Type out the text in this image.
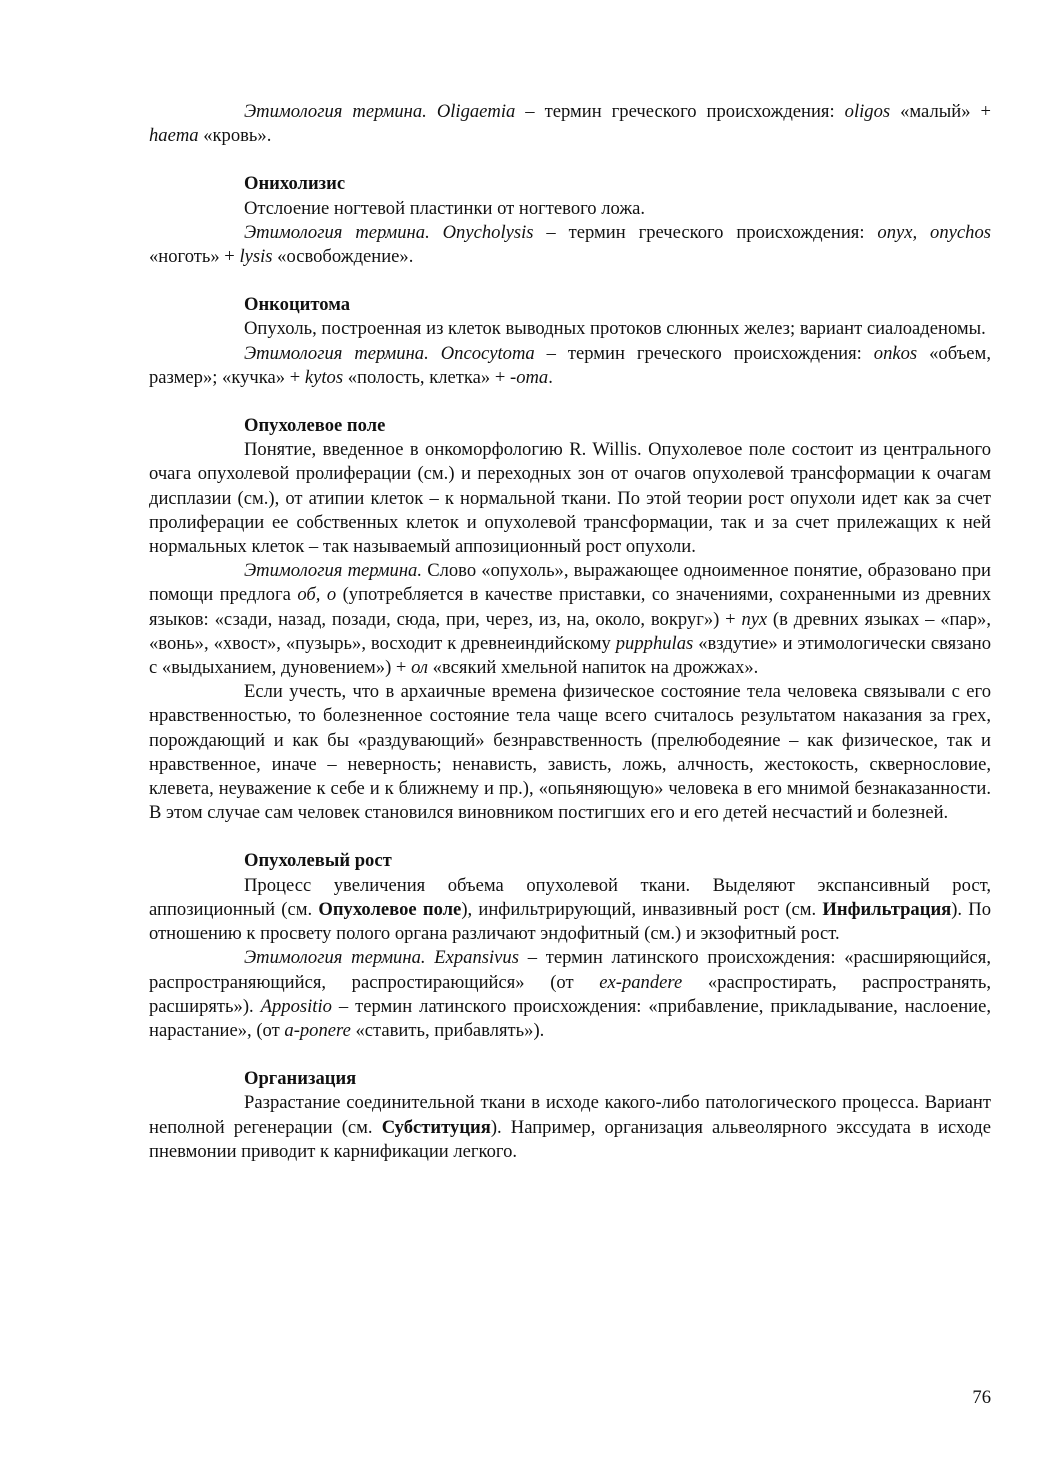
Этимология термина. Oligaemia – термин греческого происхождения: oligos «малый» + haema «кровь».

Онихолизис

Отслоение ногтевой пластинки от ногтевого ложа.

Этимология термина. Onycholysis – термин греческого происхождения: onyx, onychos «ноготь» + lysis «освобождение».

Онкоцитома

Опухоль, построенная из клеток выводных протоков слюнных желез; вариант сиалоаденомы.

Этимология термина. Oncocytoma – термин греческого происхождения: onkos «объем, размер»; «кучка» + kytos «полость, клетка» + -oma.

Опухолевое поле

Понятие, введенное в онкоморфологию R. Willis. Опухолевое поле состоит из центрального очага опухолевой пролиферации (см.) и переходных зон от очагов опухолевой трансформации к очагам дисплазии (см.), от атипии клеток – к нормальной ткани. По этой теории рост опухоли идет как за счет пролиферации ее собственных клеток и опухолевой трансформации, так и за счет прилежащих к ней нормальных клеток – так называемый аппозиционный рост опухоли.

Этимология термина. Слово «опухоль», выражающее одноименное понятие, образовано при помощи предлога об, о (употребляется в качестве приставки, со значениями, сохраненными из древних языков: «сзади, назад, позади, сюда, при, через, из, на, около, вокруг») + пух (в древних языках – «пар», «вонь», «хвост», «пузырь», восходит к древнеиндийскому pupphulas «вздутие» и этимологически связано с «выдыханием, дуновением») + ол «всякий хмельной напиток на дрожжах».

Если учесть, что в архаичные времена физическое состояние тела человека связывали с его нравственностью, то болезненное состояние тела чаще всего считалось результатом наказания за грех, порождающий и как бы «раздувающий» безнравственность (прелюбодеяние – как физическое, так и нравственное, иначе – неверность; ненависть, зависть, ложь, алчность, жестокость, сквернословие, клевета, неуважение к себе и к ближнему и пр.), «опьяняющую» человека в его мнимой безнаказанности. В этом случае сам человек становился виновником постигших его и его детей несчастий и болезней.

Опухолевый рост

Процесс увеличения объема опухолевой ткани. Выделяют экспансивный рост, аппозиционный (см. Опухолевое поле), инфильтрирующий, инвазивный рост (см. Инфильтрация). По отношению к просвету полого органа различают эндофитный (см.) и экзофитный рост.

Этимология термина. Expansivus – термин латинского происхождения: «расширяющийся, распространяющийся, распростирающийся» (от ex-pandere «распростирать, распространять, расширять»). Appositio – термин латинского происхождения: «прибавление, прикладывание, наслоение, нарастание», (от a-ponere «ставить, прибавлять»).

Организация

Разрастание соединительной ткани в исходе какого-либо патологического процесса. Вариант неполной регенерации (см. Субституция). Например, организация альвеолярного экссудата в исходе пневмонии приводит к карнификации легкого.

76
